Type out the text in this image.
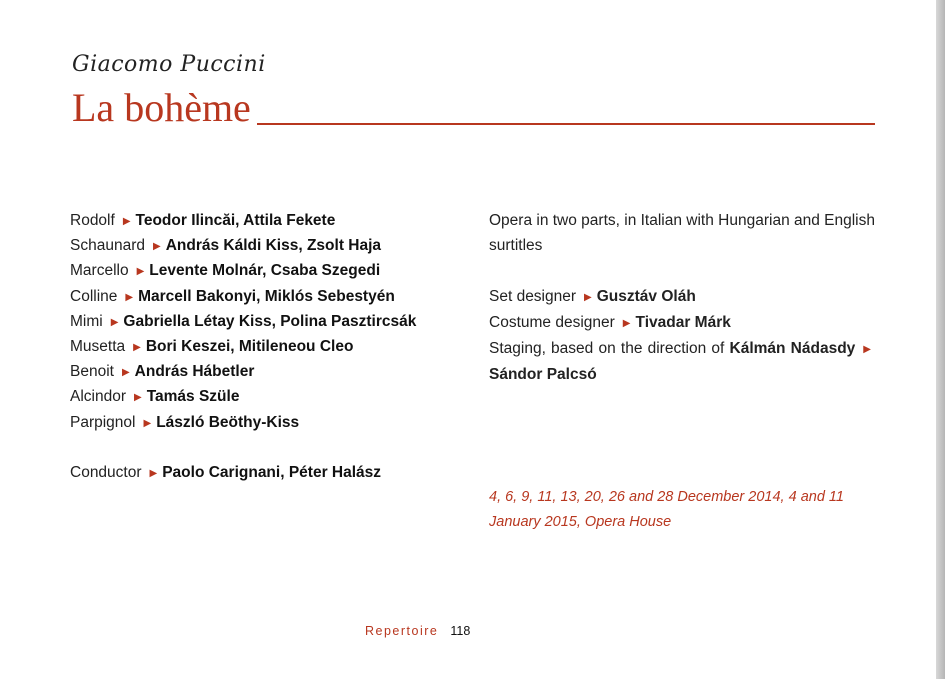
Giacomo Puccini
La bohème
Rodolf ▶ Teodor Ilincăi, Attila Fekete
Schaunard ▶ András Káldi Kiss, Zsolt Haja
Marcello ▶ Levente Molnár, Csaba Szegedi
Colline ▶ Marcell Bakonyi, Miklós Sebestyén
Mimi ▶ Gabriella Létay Kiss, Polina Pasztircsák
Musetta ▶ Bori Keszei, Mitileneou Cleo
Benoit ▶ András Hábetler
Alcindor ▶ Tamás Szüle
Parpignol ▶ László Beöthy-Kiss
Conductor ▶ Paolo Carignani, Péter Halász

Opera in two parts, in Italian with Hungarian and English surtitles

Set designer ▶ Gusztáv Oláh

Costume designer ▶ Tivadar Márk

Staging, based on the direction of Kálmán Nádasdy ▶Sándor Palcsó

4, 6, 9, 11, 13, 20, 26 and 28 December 2014, 4 and 11 January 2015, Opera House
Repertoire 118
